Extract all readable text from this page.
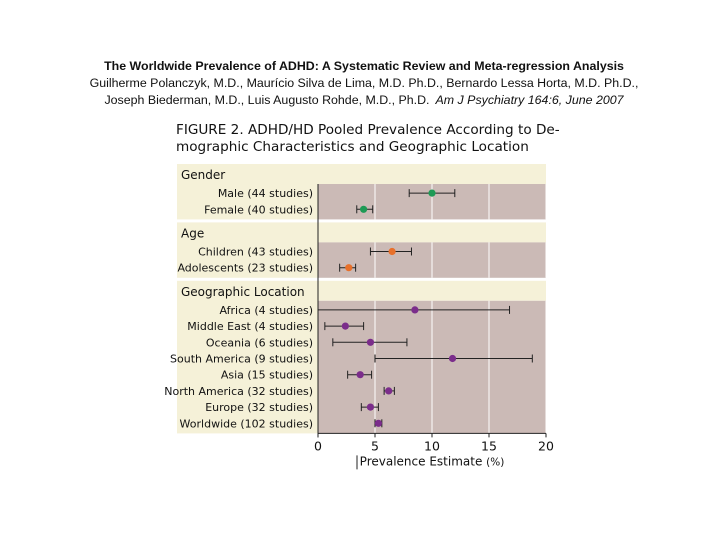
The Worldwide Prevalence of ADHD: A Systematic Review and Meta-regression Analysis
Guilherme Polanczyk, M.D., Maurício Silva de Lima, M.D. Ph.D., Bernardo Lessa Horta, M.D. Ph.D.,
Joseph Biederman, M.D., Luis Augusto Rohde, M.D., Ph.D. Am J Psychiatry 164:6, June 2007
FIGURE 2. ADHD/HD Pooled Prevalence According to De-
mographic Characteristics and Geographic Location
0	5	10	15	20
Prevalence Estimate (%)
Gender
Male (44 studies)
Female (40 studies)
Age
Children (43 studies)
Adolescents (23 studies)
Geographic Location
Africa (4 studies)
Middle East (4 studies)
Oceania (6 studies)
South America (9 studies)
Asia (15 studies)
North America (32 studies)
Europe (32 studies)
Worldwide (102 studies)
